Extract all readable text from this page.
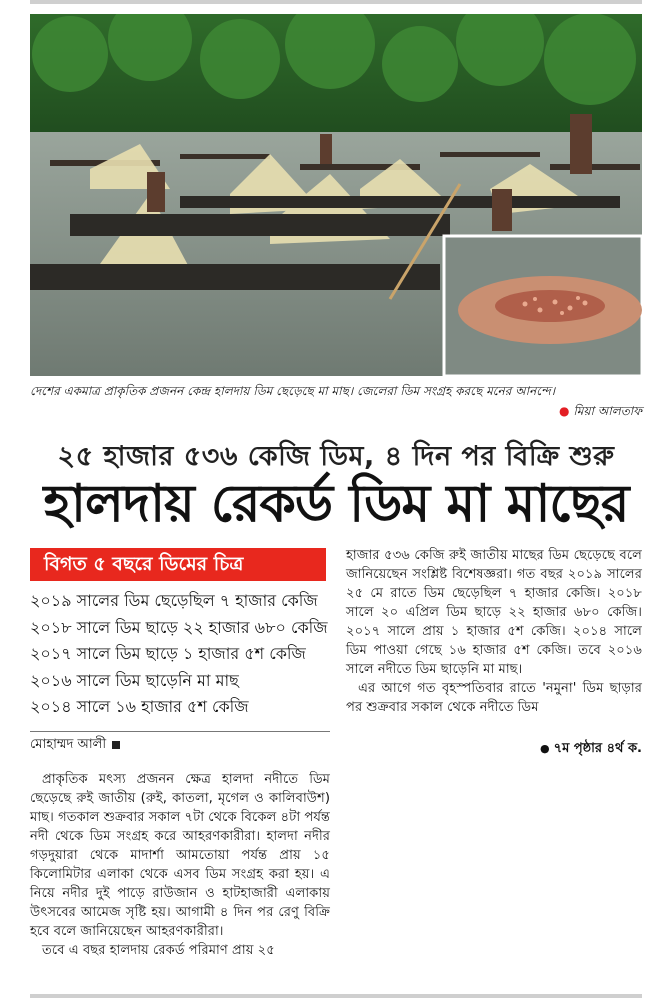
দেশের একমাত্র প্রাকৃতিক প্রজনন কেন্দ্র হালদায় ডিম ছেড়েছে মা মাছ। জেলেরা ডিম সংগ্রহ করছে মনের আনন্দে।
● মিয়া আলতাফ
২৫ হাজার ৫৩৬ কেজি ডিম, ৪ দিন পর বিক্রি শুরু
হালদায় রেকর্ড ডিম মা মাছের
বিগত ৫ বছরে ডিমের চিত্র
২০১৯ সালের ডিম ছেড়েছিল ৭ হাজার কেজি
২০১৮ সালে ডিম ছাড়ে ২২ হাজার ৬৮০ কেজি
২০১৭ সালে ডিম ছাড়ে ১ হাজার ৫শ কেজি
২০১৬ সালে ডিম ছাড়েনি মা মাছ
২০১৪ সালে ১৬ হাজার ৫শ কেজি
মোহাম্মদ আলী

প্রাকৃতিক মৎস্য প্রজনন ক্ষেত্র হালদা নদীতে ডিম ছেড়েছে রুই জাতীয় (রুই, কাতলা, মৃগেল ও কালিবাউশ) মাছ। গতকাল শুক্রবার সকাল ৭টা থেকে বিকেল ৪টা পর্যন্ত নদী থেকে ডিম সংগ্রহ করে আহরণকারীরা। হালদা নদীর গড়দুয়ারা থেকে মাদার্শা আমতোয়া পর্যন্ত প্রায় ১৫ কিলোমিটার এলাকা থেকে এসব ডিম সংগ্রহ করা হয়। এ নিয়ে নদীর দুই পাড়ে রাউজান ও হাটহাজারী এলাকায় উৎসবের আমেজ সৃষ্টি হয়। আগামী ৪ দিন পর রেণু বিক্রি হবে বলে জানিয়েছেন আহরণকারীরা।

তবে এ বছর হালদায় রেকর্ড পরিমাণ প্রায় ২৫

হাজার ৫৩৬ কেজি রুই জাতীয় মাছের ডিম ছেড়েছে বলে জানিয়েছেন সংশ্লিষ্ট বিশেষজ্ঞরা। গত বছর ২০১৯ সালের ২৫ মে রাতে ডিম ছেড়েছিল ৭ হাজার কেজি। ২০১৮ সালে ২০ এপ্রিল ডিম ছাড়ে ২২ হাজার ৬৮০ কেজি। ২০১৭ সালে প্রায় ১ হাজার ৫শ কেজি। ২০১৪ সালে ডিম পাওয়া গেছে ১৬ হাজার ৫শ কেজি। তবে ২০১৬ সালে নদীতে ডিম ছাড়েনি মা মাছ।

এর আগে গত বৃহস্পতিবার রাতে 'নমুনা' ডিম ছাড়ার পর শুক্রবার সকাল থেকে নদীতে ডিম

● ৭ম পৃষ্ঠার ৪র্থ ক.
